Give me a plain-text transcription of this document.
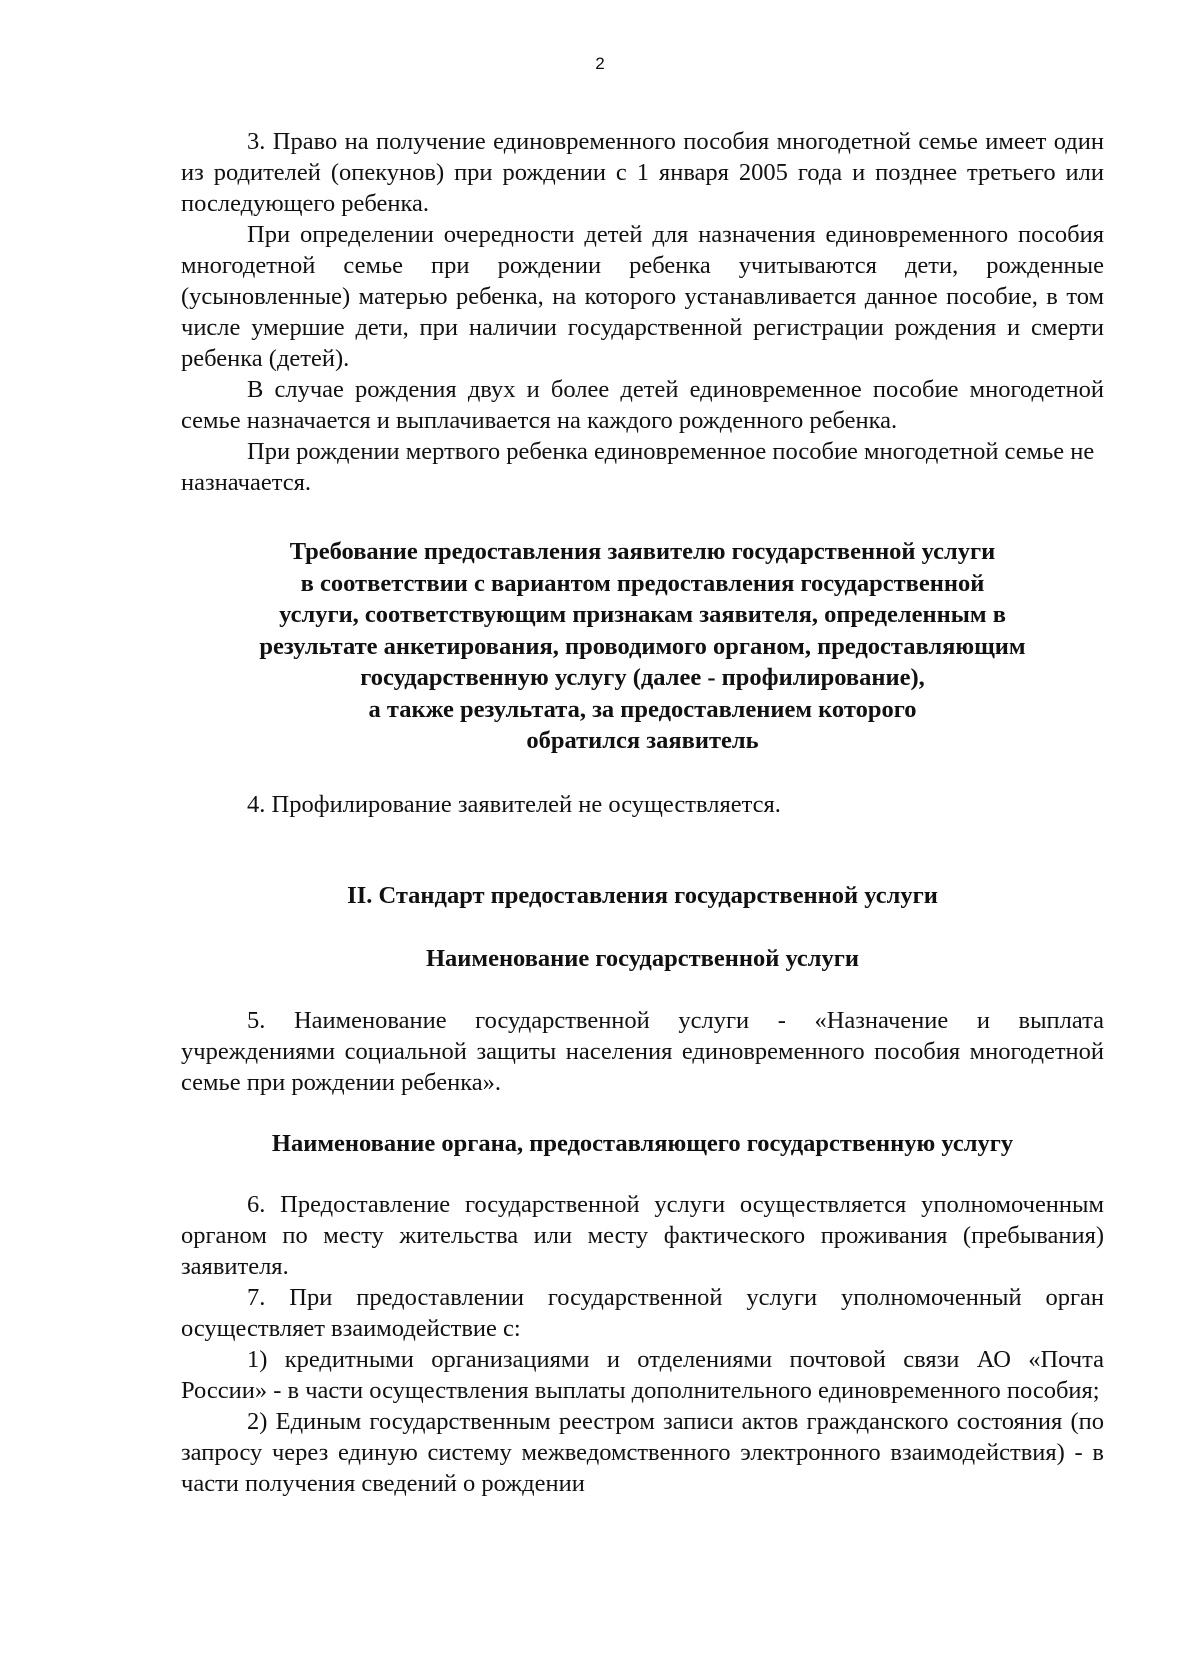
2

3. Право на получение единовременного пособия многодетной семье имеет один из родителей (опекунов) при рождении с 1 января 2005 года и позднее третьего или последующего ребенка.

При определении очередности детей для назначения единовременного пособия многодетной семье при рождении ребенка учитываются дети, рожденные (усыновленные) матерью ребенка, на которого устанавливается данное пособие, в том числе умершие дети, при наличии государственной регистрации рождения и смерти ребенка (детей).

В случае рождения двух и более детей единовременное пособие многодетной семье назначается и выплачивается на каждого рожденного ребенка.

При рождении мертвого ребенка единовременное пособие многодетной семье не назначается.

Требование предоставления заявителю государственной услуги
в соответствии с вариантом предоставления государственной
услуги, соответствующим признакам заявителя, определенным в
результате анкетирования, проводимого органом, предоставляющим
государственную услугу (далее - профилирование),
а также результата, за предоставлением которого
обратился заявитель

4. Профилирование заявителей не осуществляется.

II. Стандарт предоставления государственной услуги
Наименование государственной услуги

5. Наименование государственной услуги - «Назначение и выплата учреждениями социальной защиты населения единовременного пособия многодетной семье при рождении ребенка».

Наименование органа, предоставляющего государственную услугу

6. Предоставление государственной услуги осуществляется уполномоченным органом по месту жительства или месту фактического проживания (пребывания) заявителя.

7. При предоставлении государственной услуги уполномоченный орган осуществляет взаимодействие с:

1) кредитными организациями и отделениями почтовой связи АО «Почта России» - в части осуществления выплаты дополнительного единовременного пособия;

2) Единым государственным реестром записи актов гражданского состояния (по запросу через единую систему межведомственного электронного взаимодействия) - в части получения сведений о рождении
